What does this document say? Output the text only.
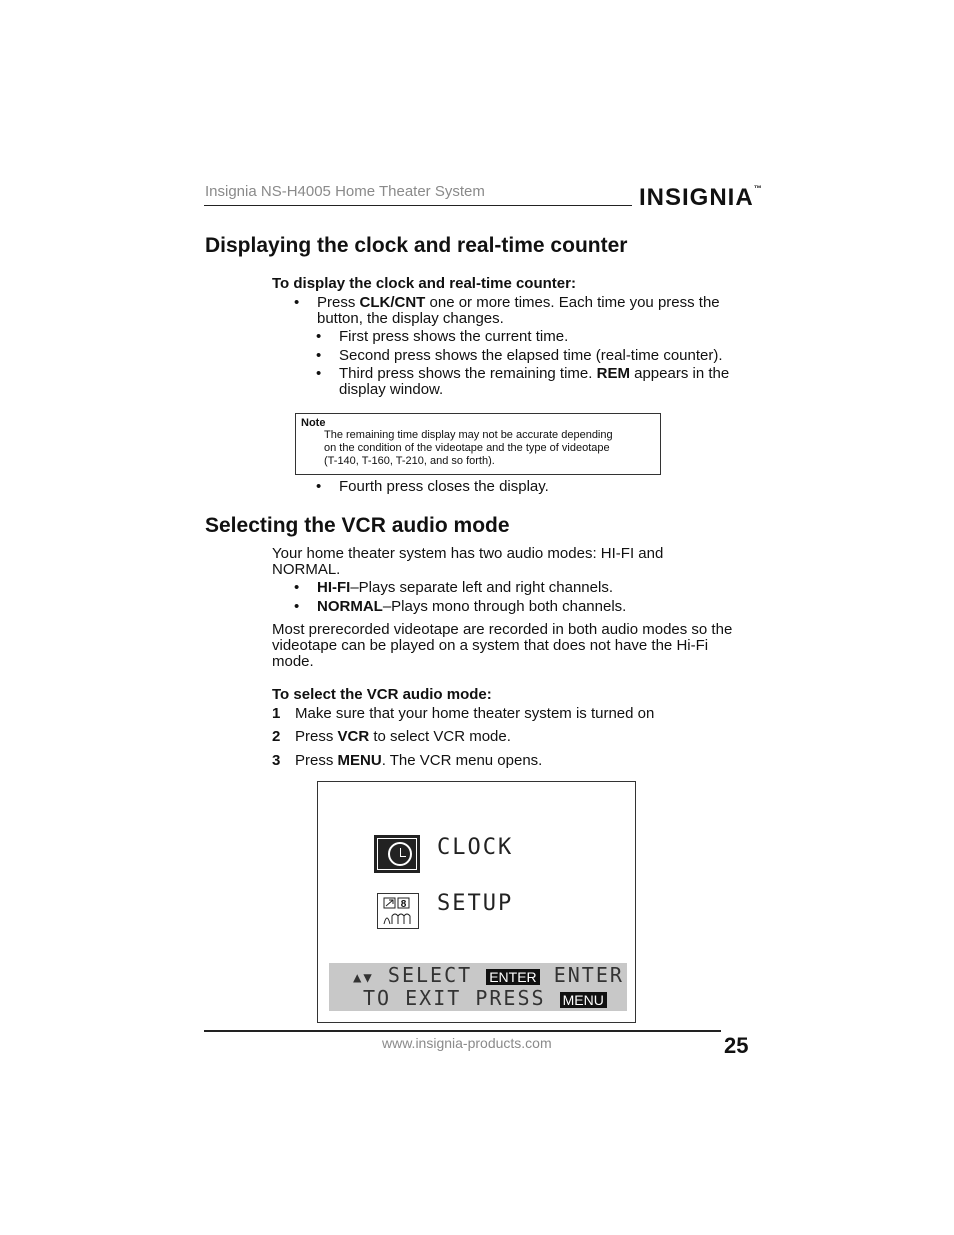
Insignia NS-H4005 Home Theater System	INSIGNIA™
Displaying the clock and real-time counter
To display the clock and real-time counter:
•	Press CLK/CNT one or more times. Each time you press the
button, the display changes.
•	First press shows the current time.
•	Second press shows the elapsed time (real-time counter).
•	Third press shows the remaining time. REM appears in the
display window.
Note
The remaining time display may not be accurate depending
on the condition of the videotape and the type of videotape
(T-140, T-160, T-210, and so forth).
•	Fourth press closes the display.
Selecting the VCR audio mode
Your home theater system has two audio modes: HI-FI and
NORMAL.
•	HI-FI–Plays separate left and right channels.
•	NORMAL–Plays mono through both channels.
Most prerecorded videotape are recorded in both audio modes so the
videotape can be played on a system that does not have the Hi-Fi
mode.
To select the VCR audio mode:
1 Make sure that your home theater system is turned on
2 Press VCR to select VCR mode.
3 Press MENU. The VCR menu opens.
CLOCK
8 SETUP
▲▼ SELECT ENTER ENTER
TO EXIT PRESS MENU
www.insignia-products.com	25
